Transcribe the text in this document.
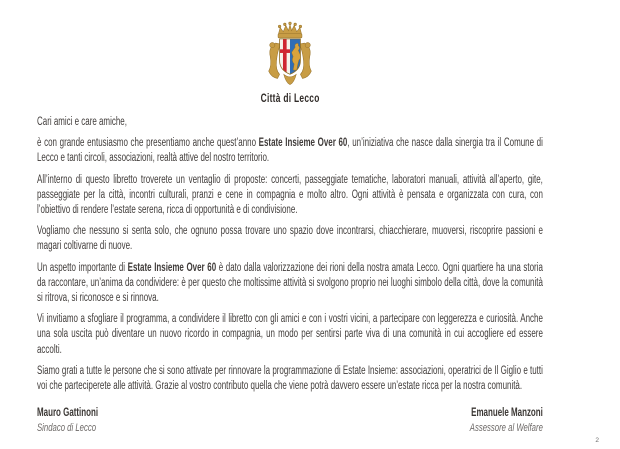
Città di Lecco

Cari amici e care amiche,

è con grande entusiasmo che presentiamo anche quest’anno Estate Insieme Over 60, un’iniziativa che nasce dalla sinergia tra il Comune di Lecco e tanti circoli, associazioni, realtà attive del nostro territorio.

All’interno di questo libretto troverete un ventaglio di proposte: concerti, passeggiate tematiche, laboratori manuali, attività all’aperto, gite, passeggiate per la città, incontri culturali, pranzi e cene in compagnia e molto altro. Ogni attività è pensata e organizzata con cura, con l’obiettivo di rendere l’estate serena, ricca di opportunità e di condivisione.

Vogliamo che nessuno si senta solo, che ognuno possa trovare uno spazio dove incontrarsi, chiacchierare, muoversi, riscoprire passioni e magari coltivarne di nuove.

Un aspetto importante di Estate Insieme Over 60 è dato dalla valorizzazione dei rioni della nostra amata Lecco. Ogni quartiere ha una storia da raccontare, un’anima da condividere: è per questo che moltissime attività si svolgono proprio nei luoghi simbolo della città, dove la comunità si ritrova, si riconosce e si rinnova.

Vi invitiamo a sfogliare il programma, a condividere il libretto con gli amici e con i vostri vicini, a partecipare con leggerezza e curiosità. Anche una sola uscita può diventare un nuovo ricordo in compagnia, un modo per sentirsi parte viva di una comunità in cui accogliere ed essere accolti.

Siamo grati a tutte le persone che si sono attivate per rinnovare la programmazione di Estate Insieme: associazioni, operatrici de Il Giglio e tutti voi che parteciperete alle attività. Grazie al vostro contributo quella che viene potrà davvero essere un’estate ricca per la nostra comunità.

Mauro Gattinoni
Sindaco di Lecco
Emanuele Manzoni
Assessore al Welfare
2
